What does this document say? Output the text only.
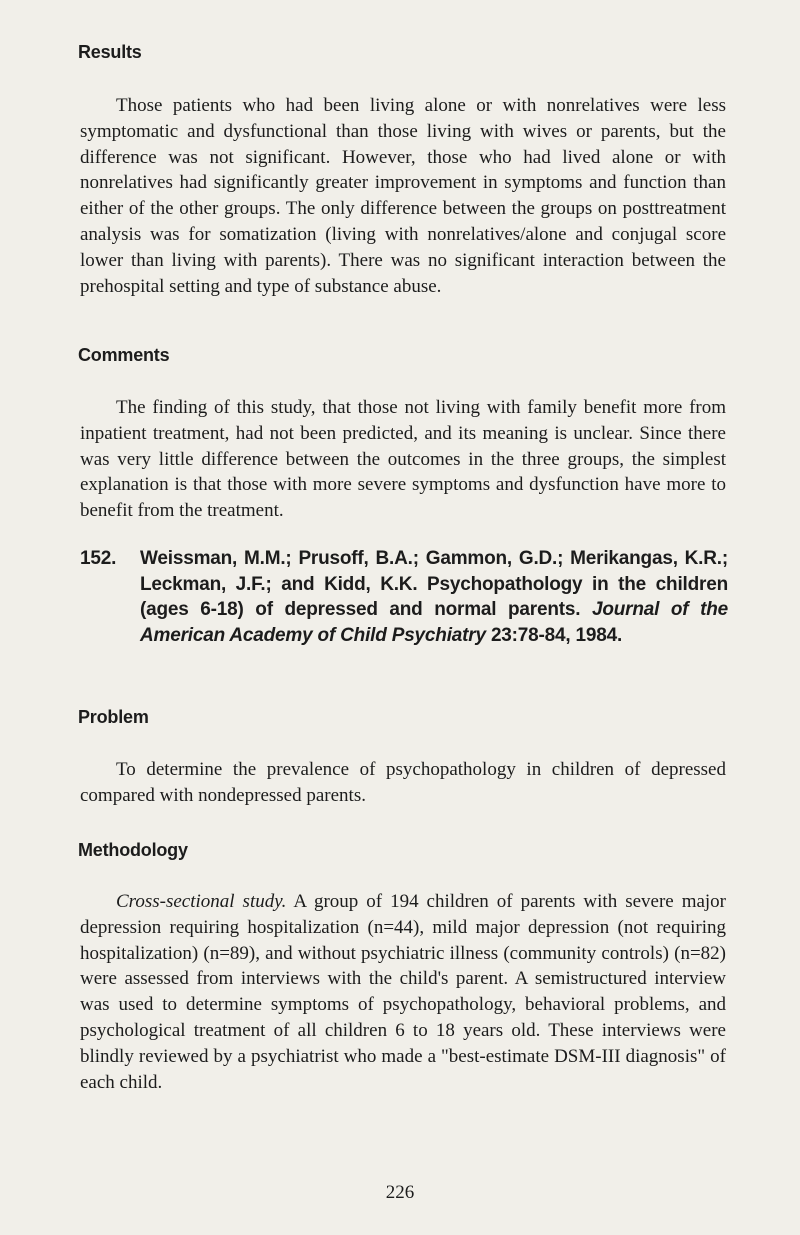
Results

Those patients who had been living alone or with nonrelatives were less symptomatic and dysfunctional than those living with wives or parents, but the difference was not significant. However, those who had lived alone or with nonrelatives had significantly greater improvement in symptoms and function than either of the other groups. The only difference between the groups on posttreatment analysis was for somatization (living with nonrelatives/alone and conjugal score lower than living with parents). There was no significant interaction between the prehospital setting and type of substance abuse.

Comments

The finding of this study, that those not living with family benefit more from inpatient treatment, had not been predicted, and its meaning is unclear. Since there was very little difference between the outcomes in the three groups, the simplest explanation is that those with more severe symptoms and dysfunction have more to benefit from the treatment.

152. Weissman, M.M.; Prusoff, B.A.; Gammon, G.D.; Merikangas, K.R.; Leckman, J.F.; and Kidd, K.K. Psychopathology in the children (ages 6-18) of depressed and normal parents. Journal of the American Academy of Child Psychiatry 23:78-84, 1984.
Problem

To determine the prevalence of psychopathology in children of depressed compared with nondepressed parents.

Methodology

Cross-sectional study. A group of 194 children of parents with severe major depression requiring hospitalization (n=44), mild major depression (not requiring hospitalization) (n=89), and without psychiatric illness (community controls) (n=82) were assessed from interviews with the child's parent. A semistructured interview was used to determine symptoms of psychopathology, behavioral problems, and psychological treatment of all children 6 to 18 years old. These interviews were blindly reviewed by a psychiatrist who made a "best-estimate DSM-III diagnosis" of each child.

226
